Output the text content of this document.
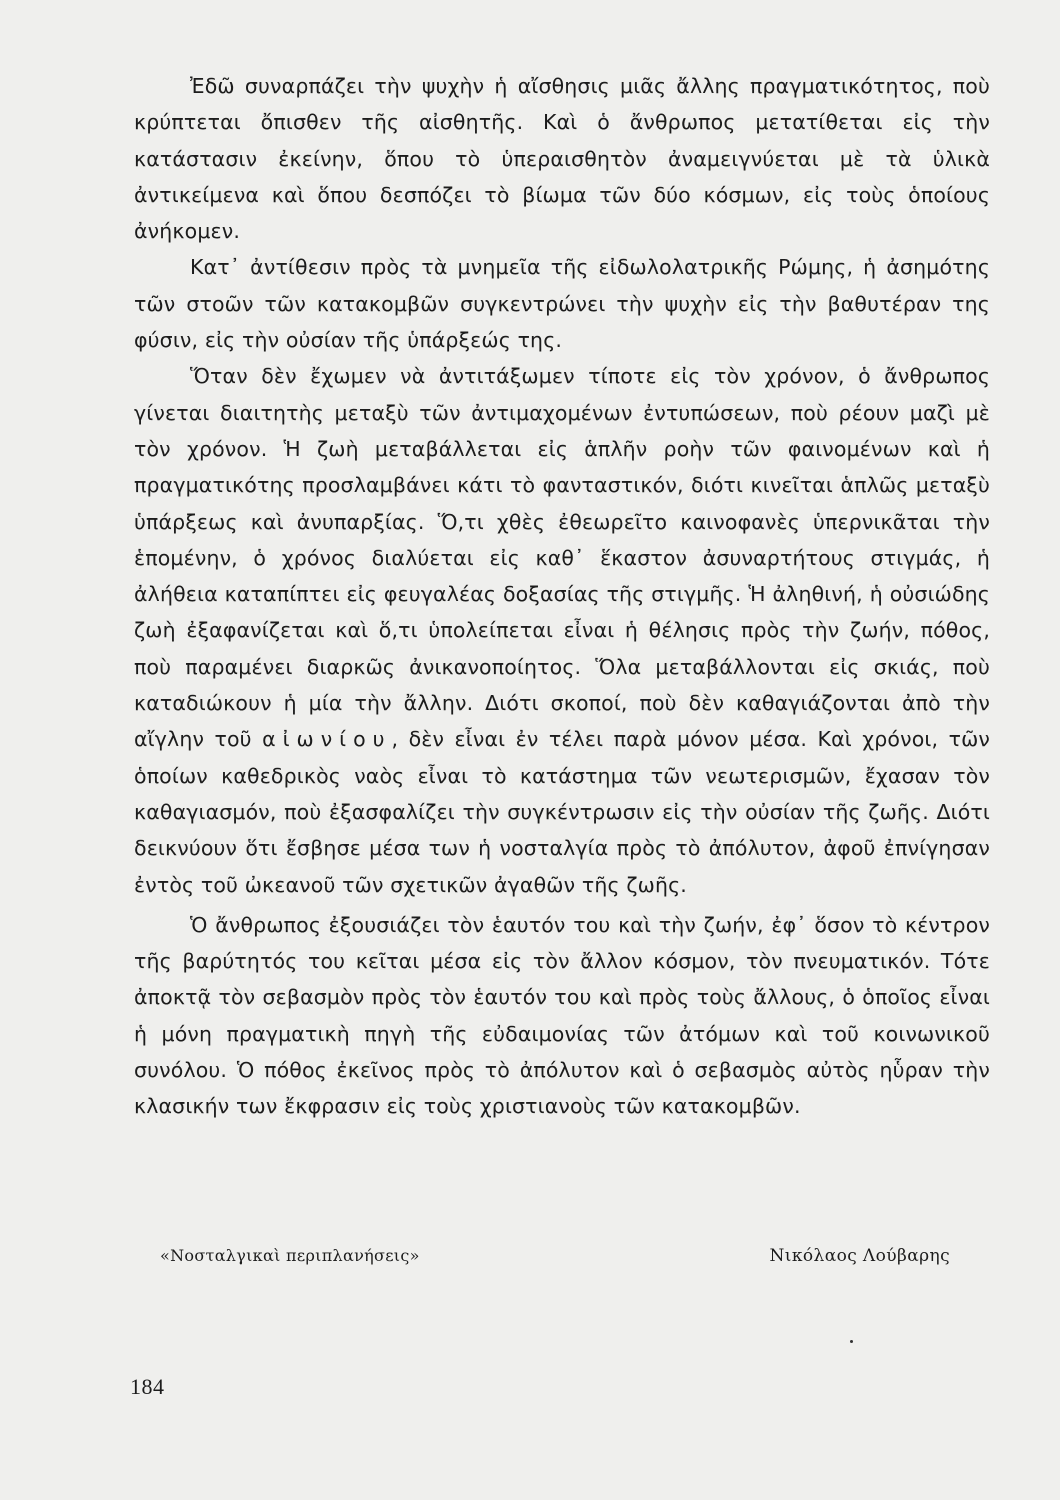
Ἐδῶ συναρπάζει τὴν ψυχὴν ἡ αἴσθησις μιᾶς ἄλλης πραγματικότητος, ποὺ κρύπτεται ὄπισθεν τῆς αἰσθητῆς. Καὶ ὁ ἄνθρωπος μετατίθεται εἰς τὴν κατάστασιν ἐκείνην, ὅπου τὸ ὑπεραισθητὸν ἀναμειγνύεται μὲ τὰ ὑλικὰ ἀντικείμενα καὶ ὅπου δεσπόζει τὸ βίωμα τῶν δύο κόσμων, εἰς τοὺς ὁποίους ἀνήκομεν.

Κατ᾽ ἀντίθεσιν πρὸς τὰ μνημεῖα τῆς εἰδωλολατρικῆς Ρώμης, ἡ ἀσημότης τῶν στοῶν τῶν κατακομβῶν συγκεντρώνει τὴν ψυχὴν εἰς τὴν βαθυτέραν της φύσιν, εἰς τὴν οὐσίαν τῆς ὑπάρξεώς της.

Ὅταν δὲν ἔχωμεν νὰ ἀντιτάξωμεν τίποτε εἰς τὸν χρόνον, ὁ ἄνθρωπος γίνεται διαιτητὴς μεταξὺ τῶν ἀντιμαχομένων ἐντυπώσεων, ποὺ ρέουν μαζὶ μὲ τὸν χρόνον. Ἡ ζωὴ μεταβάλλεται εἰς ἁπλῆν ροὴν τῶν φαινομένων καὶ ἡ πραγματικότης προσλαμβάνει κάτι τὸ φανταστικόν, διότι κινεῖται ἁπλῶς μεταξὺ ὑπάρξεως καὶ ἀνυπαρξίας. Ὅ,τι χθὲς ἐθεωρεῖτο καινοφανὲς ὑπερνικᾶται τὴν ἑπομένην, ὁ χρόνος διαλύεται εἰς καθ᾽ ἕκαστον ἀσυναρτήτους στιγμάς, ἡ ἀλήθεια καταπίπτει εἰς φευγαλέας δοξασίας τῆς στιγμῆς. Ἡ ἀληθινή, ἡ οὐσιώδης ζωὴ ἐξαφανίζεται καὶ ὅ,τι ὑπολείπεται εἶναι ἡ θέλησις πρὸς τὴν ζωήν, πόθος, ποὺ παραμένει διαρκῶς ἀνικανοποίητος. Ὅλα μεταβάλλονται εἰς σκιάς, ποὺ καταδιώκουν ἡ μία τὴν ἄλλην. Διότι σκοποί, ποὺ δὲν καθαγιάζονται ἀπὸ τὴν αἴγλην τοῦ αἰωνίου, δὲν εἶναι ἐν τέλει παρὰ μόνον μέσα. Καὶ χρόνοι, τῶν ὁποίων καθεδρικὸς ναὸς εἶναι τὸ κατάστημα τῶν νεωτερισμῶν, ἔχασαν τὸν καθαγιασμόν, ποὺ ἐξασφαλίζει τὴν συγκέντρωσιν εἰς τὴν οὐσίαν τῆς ζωῆς. Διότι δεικνύουν ὅτι ἔσβησε μέσα των ἡ νοσταλγία πρὸς τὸ ἀπόλυτον, ἀφοῦ ἐπνίγησαν ἐντὸς τοῦ ὠκεανοῦ τῶν σχετικῶν ἀγαθῶν τῆς ζωῆς.

Ὁ ἄνθρωπος ἐξουσιάζει τὸν ἑαυτόν του καὶ τὴν ζωήν, ἐφ᾽ ὅσον τὸ κέντρον τῆς βαρύτητός του κεῖται μέσα εἰς τὸν ἄλλον κόσμον, τὸν πνευματικόν. Τότε ἀποκτᾷ τὸν σεβασμὸν πρὸς τὸν ἑαυτόν του καὶ πρὸς τοὺς ἄλλους, ὁ ὁποῖος εἶναι ἡ μόνη πραγματικὴ πηγὴ τῆς εὐδαιμονίας τῶν ἀτόμων καὶ τοῦ κοινωνικοῦ συνόλου. Ὁ πόθος ἐκεῖνος πρὸς τὸ ἀπόλυτον καὶ ὁ σεβασμὸς αὐτὸς ηὗραν τὴν κλασικήν των ἔκφρασιν εἰς τοὺς χριστιανοὺς τῶν κατακομβῶν.

«Νοσταλγικαὶ περιπλανήσεις»	Νικόλαος Λούβαρης
184
